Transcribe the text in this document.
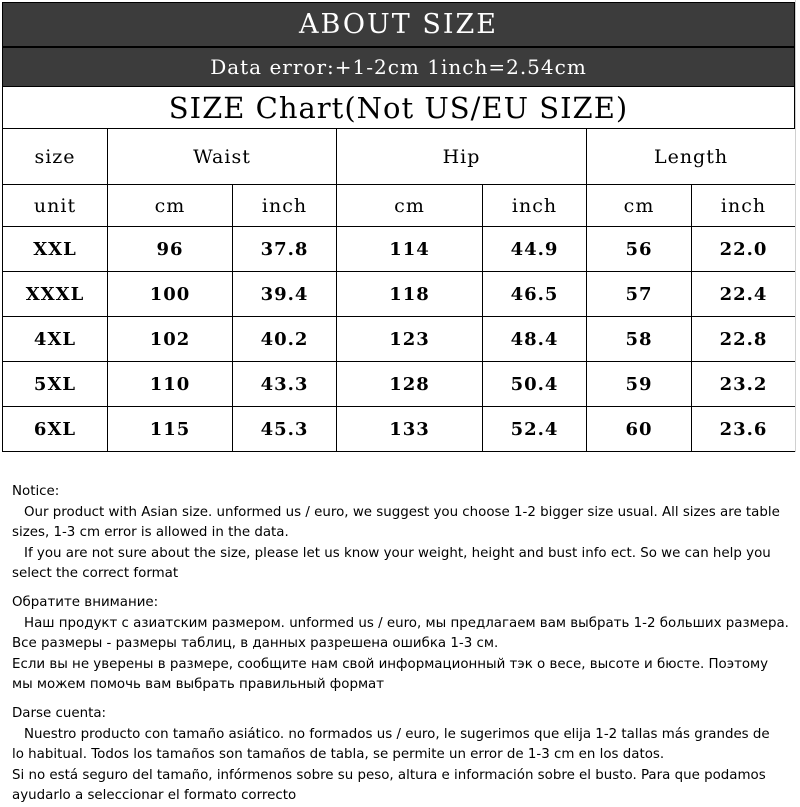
ABOUT SIZE
Data error:+1-2cm 1inch=2.54cm
SIZE Chart(Not US/EU SIZE)
size	Waist		Hip		Length	
unit	cm	inch	cm	inch	cm	inch
XXL	96	37.8	114	44.9	56	22.0
XXXL	100	39.4	118	46.5	57	22.4
4XL	102	40.2	123	48.4	58	22.8
5XL	110	43.3	128	50.4	59	23.2
6XL	115	45.3	133	52.4	60	23.6

Notice:

Our product with Asian size. unformed us / euro, we suggest you choose 1-2 bigger size usual. All sizes are table

sizes, 1-3 cm error is allowed in the data.

If you are not sure about the size, please let us know your weight, height and bust info ect. So we can help you

select the correct format

Обратите внимание:

Наш продукт с азиатским размером. unformed us / euro, мы предлагаем вам выбрать 1-2 больших размера.

Все размеры - размеры таблиц, в данных разрешена ошибка 1-3 см.

Если вы не уверены в размере, сообщите нам свой информационный тэк о весе, высоте и бюсте. Поэтому

мы можем помочь вам выбрать правильный формат

Darse cuenta:

Nuestro producto con tamaño asiático. no formados us / euro, le sugerimos que elija 1-2 tallas más grandes de

lo habitual. Todos los tamaños son tamaños de tabla, se permite un error de 1-3 cm en los datos.

Si no está seguro del tamaño, infórmenos sobre su peso, altura e información sobre el busto. Para que podamos

ayudarlo a seleccionar el formato correcto
